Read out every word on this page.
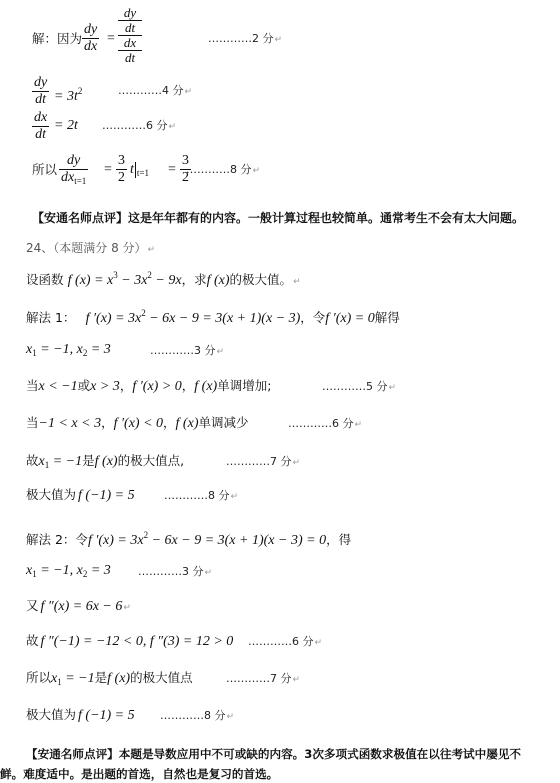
解：因为 $\frac{dy}{dx}$ =
dy
dt
dx
dt
…………2 分↵
$\frac{dy}{dt} = 3t^2$	…………4 分↵
$\frac{dx}{dt} = 2t$ …………6 分↵
所以
dy
$dx_{t=1}$
= $\frac{3}{2}$ t $_{t=1} = \frac{3}{2}$
…………8 分↵
【安通名师点评】这是年年都有的内容。一般计算过程也较简单。通常考生不会有太大问题。
24、（本题满分 8 分）↵
设函数 f $(x) = x^3 - 3x^2 - 9x$，求f (x)的极大值。↵
解法 1： f $'(x) = 3x^2 - 6x - 9 = 3(x + 1)(x - 3)$，令f ′(x) = 0解得
$x_1 = -1$, $x_2 = 3$	…………3 分↵
当x < −1或x > 3，f ′(x) > 0，f (x)单调增加;	…………5 分↵
当−1 < x < 3，f ′(x) < 0，f (x)单调减少	…………6 分↵
故$x_1 = -1$是f (x)的极大值点,	…………7 分↵
极大值为 f (−1) = 5	…………8 分↵
解法 2：令f $'(x) = 3x^2 - 6x - 9 = 3(x + 1)(x - 3) = 0$，得
$x_1 = -1$, $x_2 = 3$ …………3 分↵
又 f ″(x) = 6x − 6↵
故 f ″(−1) = −12 < 0, f ″(3) = 12 > 0 …………6 分↵
所以$x_1 = -1$是f (x)的极大值点	…………7 分↵
极大值为 f (−1) = 5 …………8 分↵
【安通名师点评】本题是导数应用中不可或缺的内容。3次多项式函数求极值在以往考试中屡见不
鲜。难度适中。是出题的首选，自然也是复习的首选。
